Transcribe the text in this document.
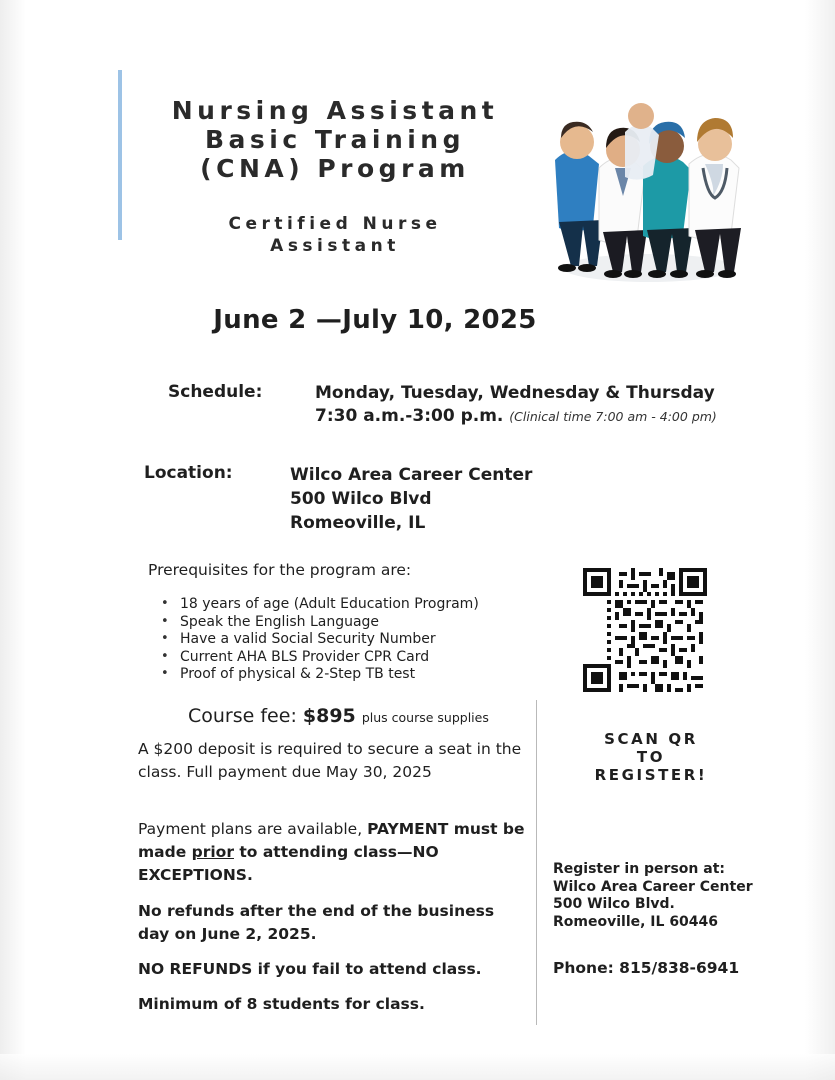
Nursing Assistant
Basic Training
(CNA) Program
Certified Nurse
Assistant
June 2 —July 10, 2025
Schedule:	Monday, Tuesday, Wednesday & Thursday
7:30 a.m.-3:00 p.m. (Clinical time 7:00 am - 4:00 pm)
Location:	Wilco Area Career Center
500 Wilco Blvd
Romeoville, IL
Prerequisites for the program are:
• 18 years of age (Adult Education Program)
• Speak the English Language
• Have a valid Social Security Number
• Current AHA BLS Provider CPR Card
• Proof of physical & 2-Step TB test
Course fee: $895 plus course supplies
A $200 deposit is required to secure a seat in the class. Full payment due May 30, 2025
Payment plans are available, PAYMENT must be made prior to attending class—NO EXCEPTIONS.
No refunds after the end of the business day on June 2, 2025.
NO REFUNDS if you fail to attend class.
Minimum of 8 students for class.
SCAN QR
TO
REGISTER!
Register in person at:
Wilco Area Career Center
500 Wilco Blvd.
Romeoville, IL 60446
Phone: 815/838-6941
